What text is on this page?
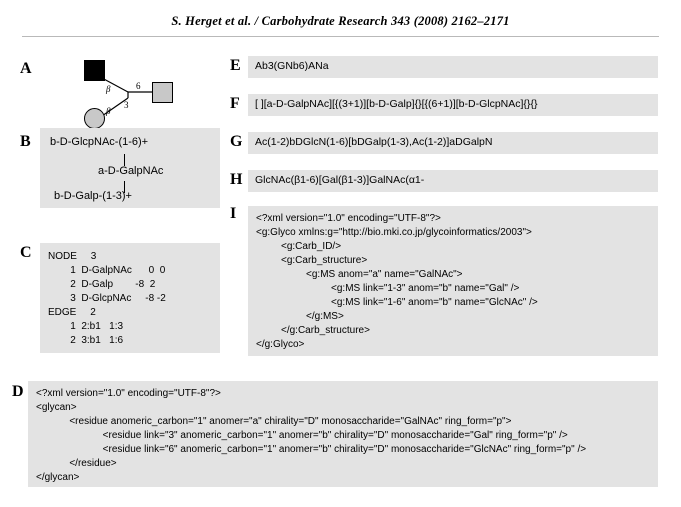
S. Herget et al. / Carbohydrate Research 343 (2008) 2162–2171
A
β	6
3
β
B b-D-GlcpNAc-(1-6)+
a-D-GalpNAc
b-D-Galp-(1-3)+
C NODE     3
1  D-GalpNAc      0  0
2  D-Galp        -8  2
3  D-GlcpNAc     -8 -2
EDGE     2
1  2:b1   1:3
2  3:b1   1:6
D <?xml version="1.0" encoding="UTF-8"?>
<glycan>
<residue anomeric_carbon="1" anomer="a" chirality="D" monosaccharide="GalNAc" ring_form="p">
<residue link="3" anomeric_carbon="1" anomer="b" chirality="D" monosaccharide="Gal" ring_form="p" />
<residue link="6" anomeric_carbon="1" anomer="b" chirality="D" monosaccharide="GlcNAc" ring_form="p" />
</residue>
</glycan>
E Ab3(GNb6)ANa
F [ ][a-D-GalpNAc][{(3+1)][b-D-Galp]{}[{(6+1)][b-D-GlcpNAc]{}{}
G Ac(1-2)bDGlcN(1-6)[bDGalp(1-3),Ac(1-2)]aDGalpN
H GlcNAc(β1-6)[Gal(β1-3)]GalNAc(α1-
I <?xml version="1.0" encoding="UTF-8"?>
<g:Glyco xmlns:g="http://bio.mki.co.jp/glycoinformatics/2003">
<g:Carb_ID/>
<g:Carb_structure>
<g:MS anom="a" name="GalNAc">
<g:MS link="1-3" anom="b" name="Gal" />
<g:MS link="1-6" anom="b" name="GlcNAc" />
</g:MS>
</g:Carb_structure>
</g:Glyco>
